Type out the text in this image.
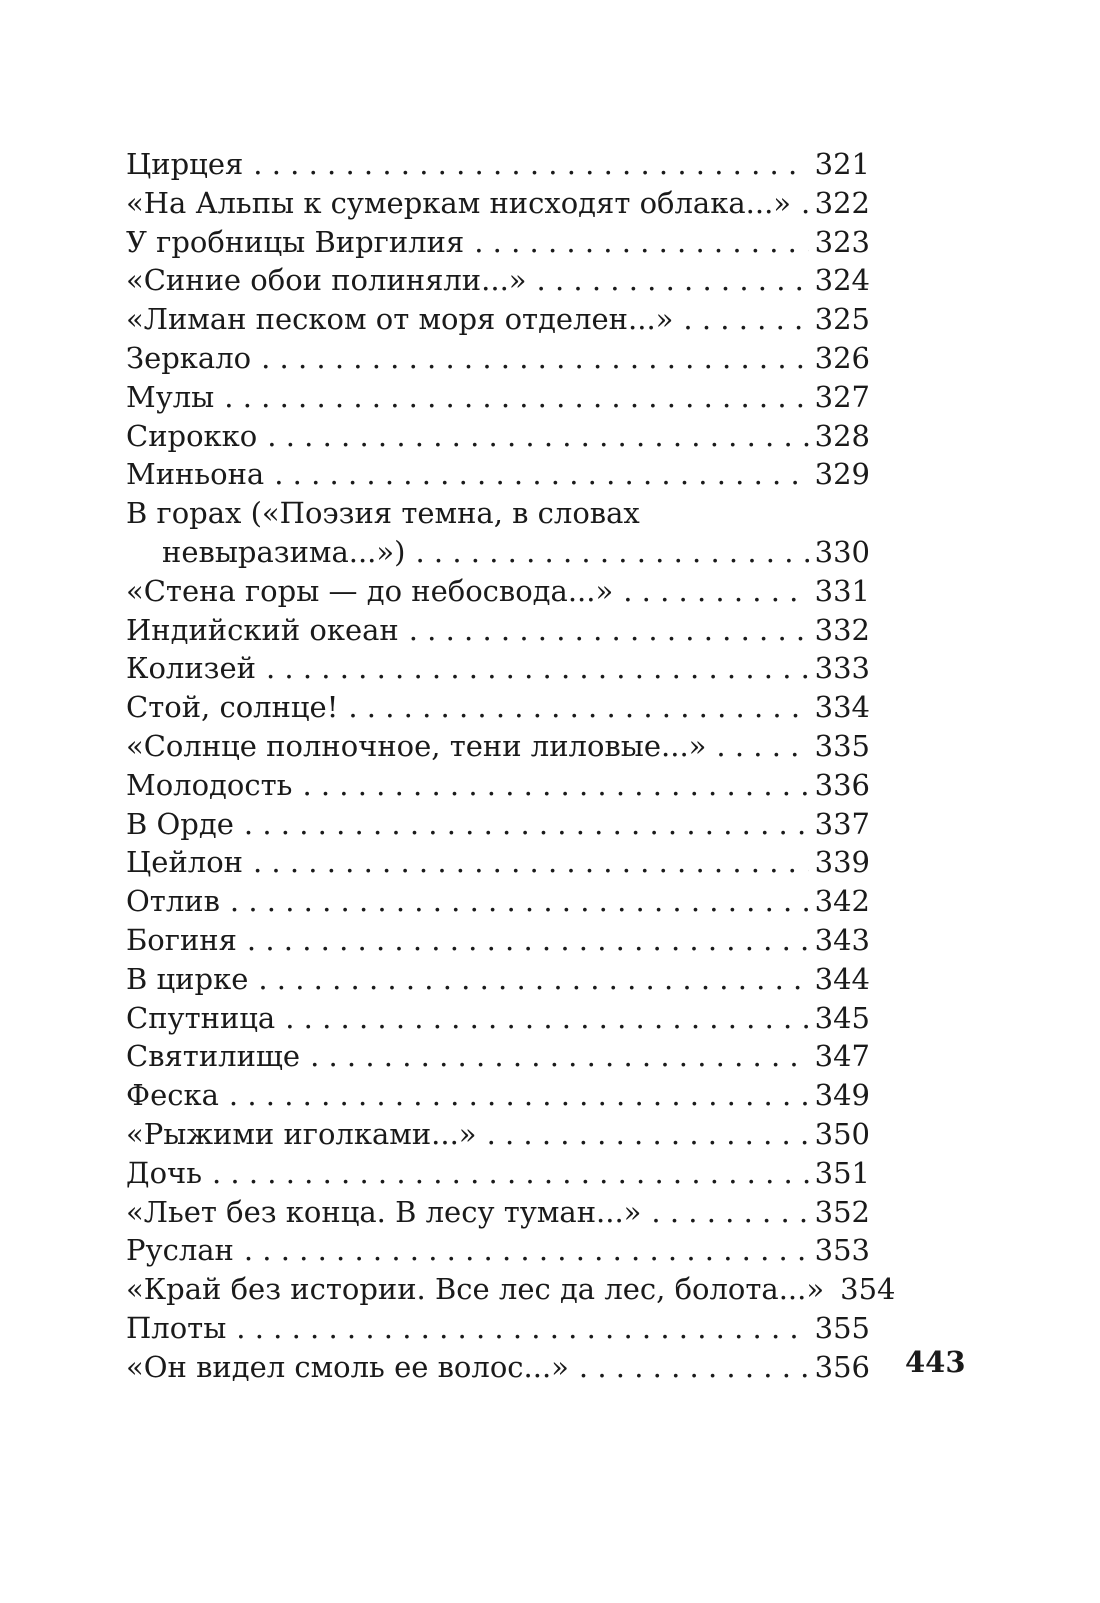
Цирцея . . .	321
«На Альпы к сумеркам нисходят облака...» . . . 322
У гробницы Виргилия . . .	323
«Синие обои полиняли...» . . .	324
«Лиман песком от моря отделен...» . . .	325
Зеркало . . .	326
Мулы . . .	327
Сирокко . . .	328
Миньона . . .	329
В горах («Поэзия темна, в словах
невыразима...») . . .	330
«Стена горы — до небосвода...» . . .	331
Индийский океан . . .	332
Колизей . . .	333
Стой, солнце! . . .	334
«Солнце полночное, тени лиловые...» . . .	335
Молодость . . .	336
В Орде . . .	337
Цейлон . . .	339
Отлив . . .	342
Богиня . . .	343
В цирке . . .	344
Спутница . . .	345
Святилище . . .	347
Феска . . .	349
«Рыжими иголками...» . . .	350
Дочь . . .	351
«Льет без конца. В лесу туман...» . . .	352
Руслан . . .	353
«Край без истории. Все лес да лес, болота...» 354
Плоты . . .	355
«Он видел смоль ее волос...» . . .	356 443
